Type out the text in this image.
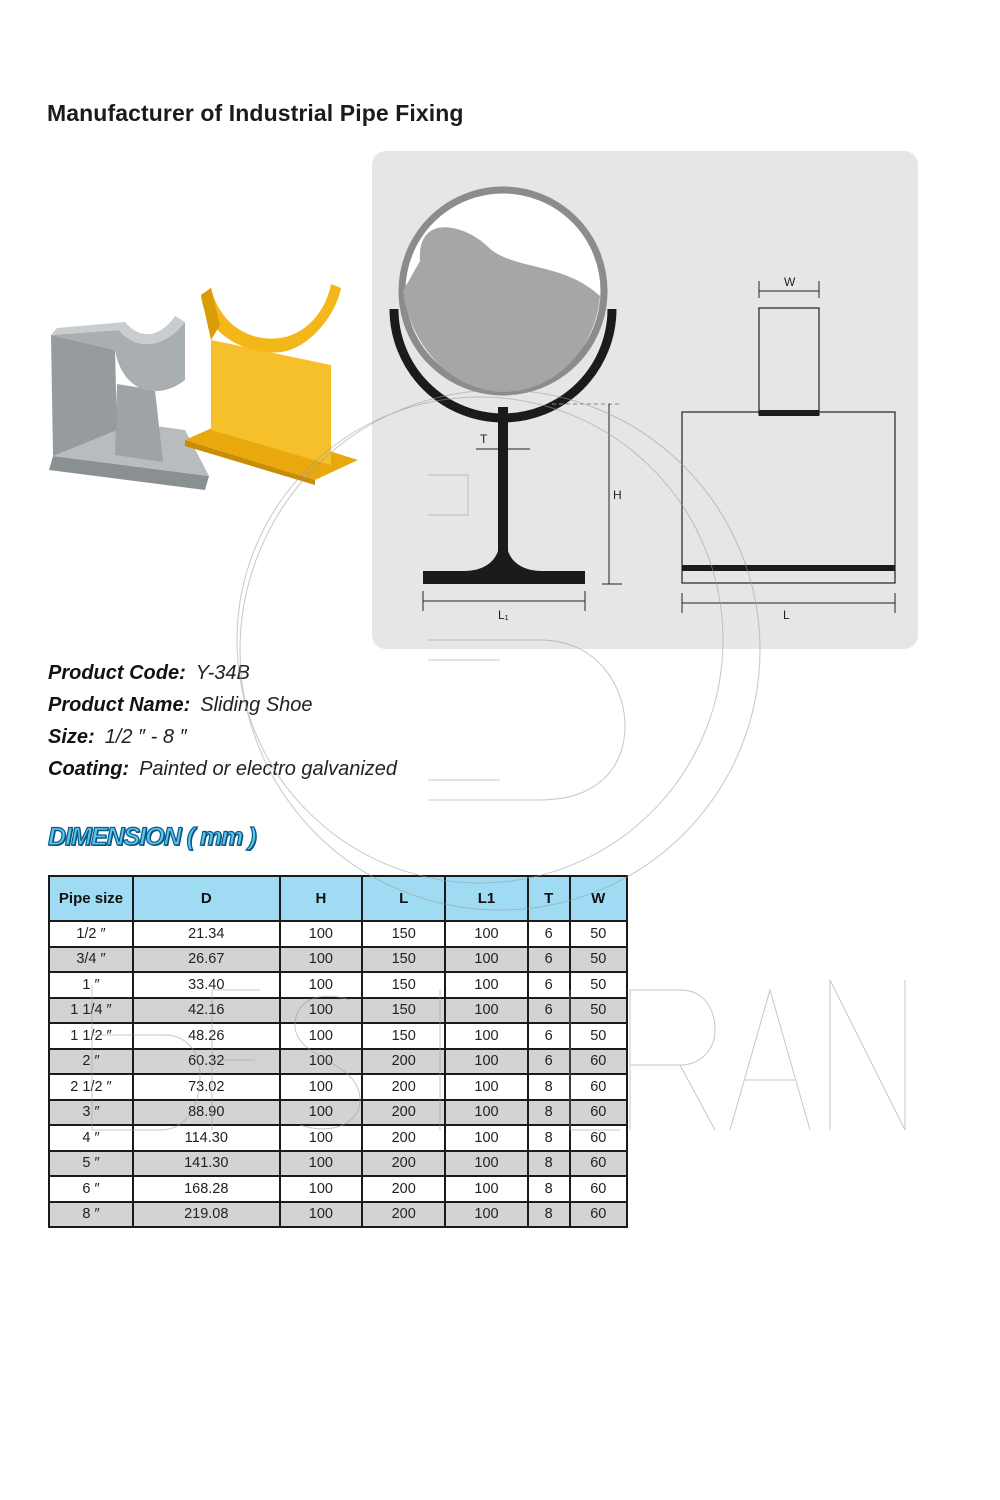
Manufacturer of Industrial Pipe Fixing
T
H
L₁
W
L
Product Code: Y-34B
Product Name: Sliding Shoe
Size: 1/2 ″ - 8 ″
Coating: Painted or electro galvanized
DIMENSION ( mm )
Pipe size	D	H	L	L1	T	W
1/2 ″	21.34	100	150	100	6	50
3/4 ″	26.67	100	150	100	6	50
1 ″	33.40	100	150	100	6	50
1 1/4 ″	42.16	100	150	100	6	50
1 1/2 ″	48.26	100	150	100	6	50
2 ″	60.32	100	200	100	6	60
2 1/2 ″	73.02	100	200	100	8	60
3 ″	88.90	100	200	100	8	60
4 ″	114.30	100	200	100	8	60
5 ″	141.30	100	200	100	8	60
6 ″	168.28	100	200	100	8	60
8 ″	219.08	100	200	100	8	60
